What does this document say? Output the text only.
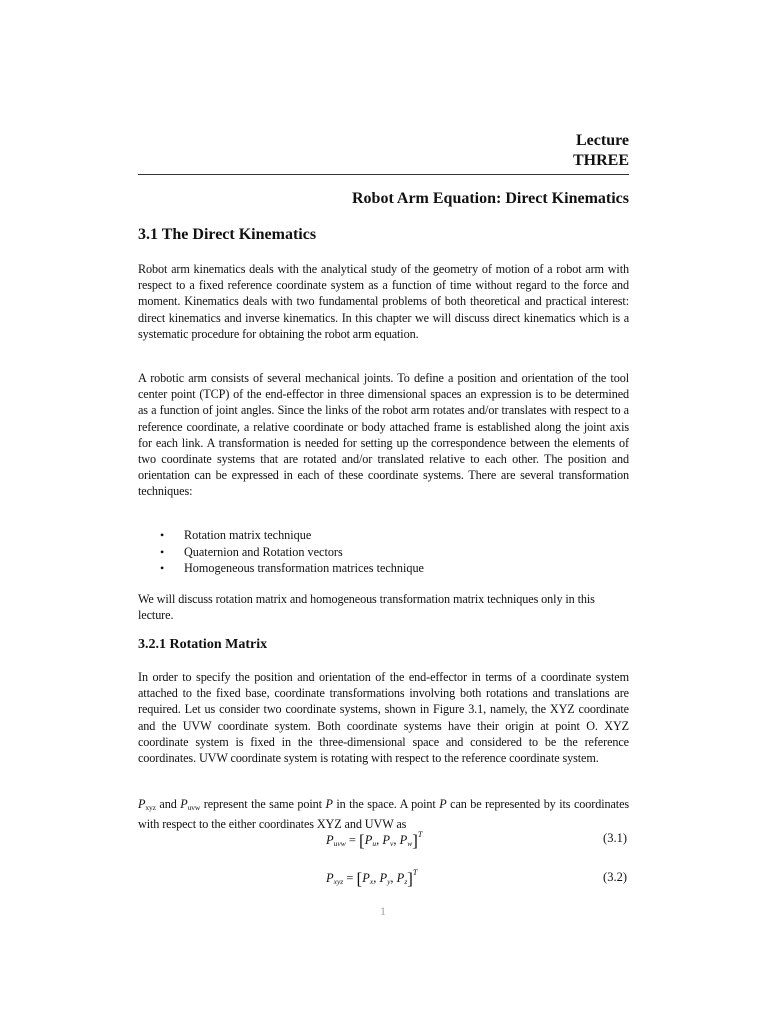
Lecture
THREE
Robot Arm Equation: Direct Kinematics
3.1 The Direct Kinematics

Robot arm kinematics deals with the analytical study of the geometry of motion of a robot arm with respect to a fixed reference coordinate system as a function of time without regard to the force and moment. Kinematics deals with two fundamental problems of both theoretical and practical interest: direct kinematics and inverse kinematics. In this chapter we will discuss direct kinematics which is a systematic procedure for obtaining the robot arm equation.

A robotic arm consists of several mechanical joints. To define a position and orientation of the tool center point (TCP) of the end-effector in three dimensional spaces an expression is to be determined as a function of joint angles. Since the links of the robot arm rotates and/or translates with respect to a reference coordinate, a relative coordinate or body attached frame is established along the joint axis for each link. A transformation is needed for setting up the correspondence between the elements of two coordinate systems that are rotated and/or translated relative to each other. The position and orientation can be expressed in each of these coordinate systems. There are several transformation techniques:

• Rotation matrix technique
• Quaternion and Rotation vectors
• Homogeneous transformation matrices technique

We will discuss rotation matrix and homogeneous transformation matrix techniques only in this lecture.

3.2.1 Rotation Matrix

In order to specify the position and orientation of the end-effector in terms of a coordinate system attached to the fixed base, coordinate transformations involving both rotations and translations are required. Let us consider two coordinate systems, shown in Figure 3.1, namely, the XYZ coordinate and the UVW coordinate system. Both coordinate systems have their origin at point O. XYZ coordinate system is fixed in the three-dimensional space and considered to be the reference coordinates. UVW coordinate system is rotating with respect to the reference coordinate system.

$P_{xyz}$ and $P_{uvw}$ represent the same point P in the space. A point P can be represented by its coordinates with respect to the either coordinates XYZ and UVW as

$P_{uvw} = [P_u$, $P_v$, $P_w]^T$	(3.1)
$P_{xyz} = [P_x$, $P_y$, $P_z]^T$	(3.2)
1
